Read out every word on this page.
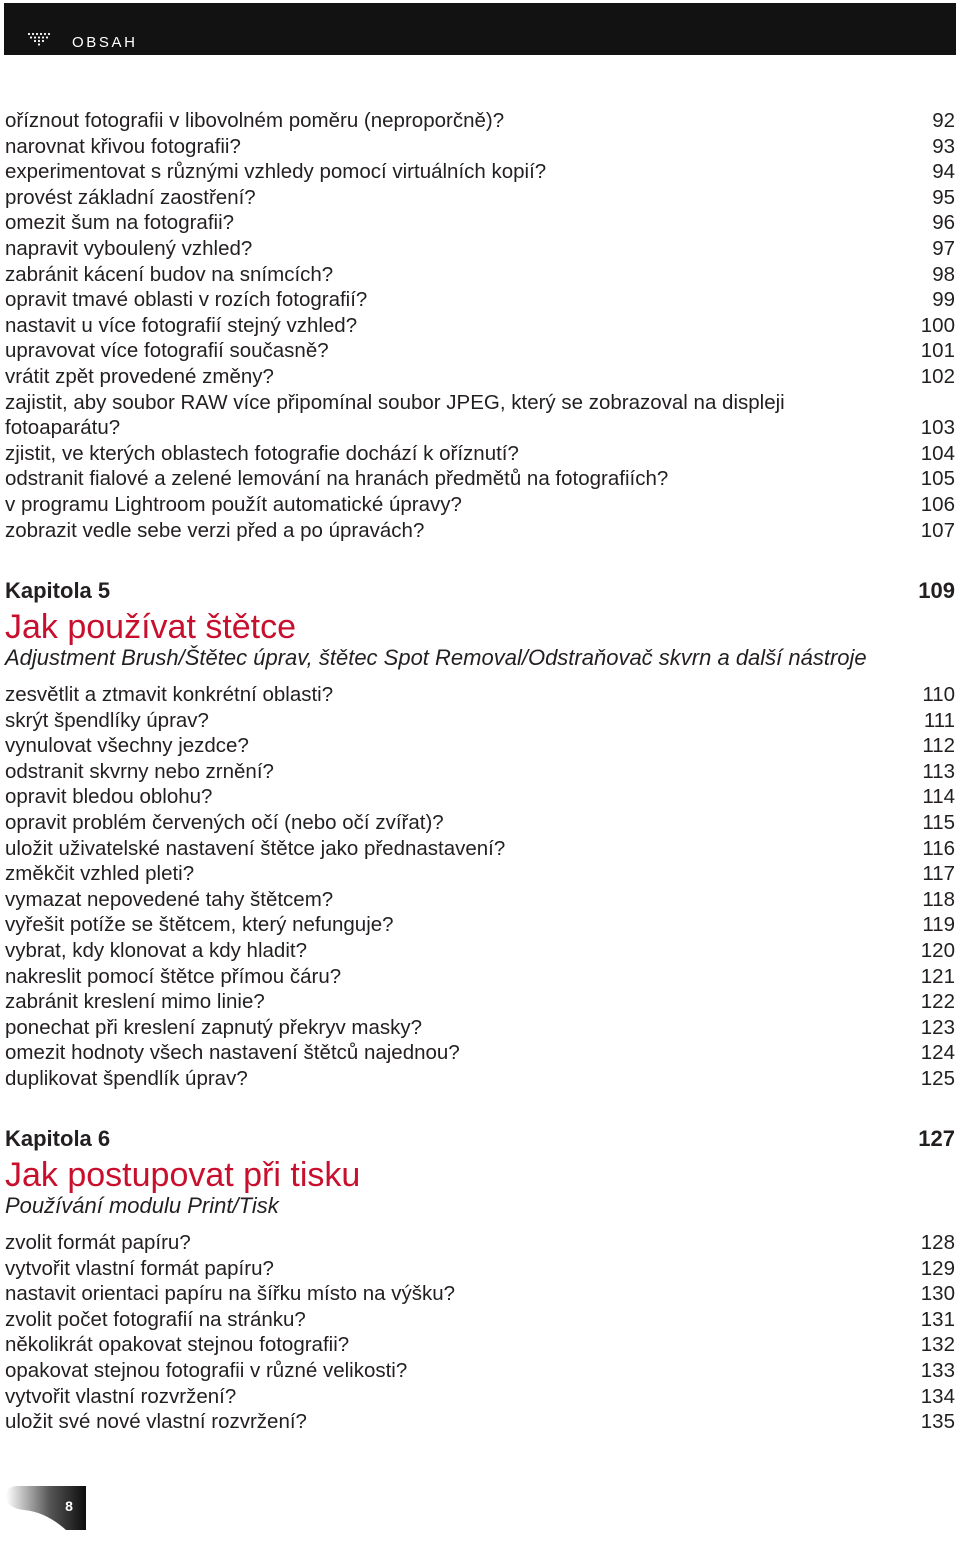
OBSAH
oříznout fotografii v libovolném poměru (neproporčně)?	92
narovnat křivou fotografii?	93
experimentovat s různými vzhledy pomocí virtuálních kopií?	94
provést základní zaostření?	95
omezit šum na fotografii?	96
napravit vyboulený vzhled?	97
zabránit kácení budov na snímcích?	98
opravit tmavé oblasti v rozích fotografií?	99
nastavit u více fotografií stejný vzhled?	100
upravovat více fotografií současně?	101
vrátit zpět provedené změny?	102
zajistit, aby soubor RAW více připomínal soubor JPEG, který se zobrazoval na displeji fotoaparátu?	103
zjistit, ve kterých oblastech fotografie dochází k oříznutí?	104
odstranit fialové a zelené lemování na hranách předmětů na fotografiích?	105
v programu Lightroom použít automatické úpravy?	106
zobrazit vedle sebe verzi před a po úpravách?	107
Kapitola 5	109
Jak používat štětce
Adjustment Brush/Štětec úprav, štětec Spot Removal/Odstraňovač skvrn a další nástroje
zesvětlit a ztmavit konkrétní oblasti?	110
skrýt špendlíky úprav?	111
vynulovat všechny jezdce?	112
odstranit skvrny nebo zrnění?	113
opravit bledou oblohu?	114
opravit problém červených očí (nebo očí zvířat)?	115
uložit uživatelské nastavení štětce jako přednastavení?	116
změkčit vzhled pleti?	117
vymazat nepovedené tahy štětcem?	118
vyřešit potíže se štětcem, který nefunguje?	119
vybrat, kdy klonovat a kdy hladit?	120
nakreslit pomocí štětce přímou čáru?	121
zabránit kreslení mimo linie?	122
ponechat při kreslení zapnutý překryv masky?	123
omezit hodnoty všech nastavení štětců najednou?	124
duplikovat špendlík úprav?	125
Kapitola 6	127
Jak postupovat při tisku
Používání modulu Print/Tisk
zvolit formát papíru?	128
vytvořit vlastní formát papíru?	129
nastavit orientaci papíru na šířku místo na výšku?	130
zvolit počet fotografií na stránku?	131
několikrát opakovat stejnou fotografii?	132
opakovat stejnou fotografii v různé velikosti?	133
vytvořit vlastní rozvržení?	134
uložit své nové vlastní rozvržení?	135
8
